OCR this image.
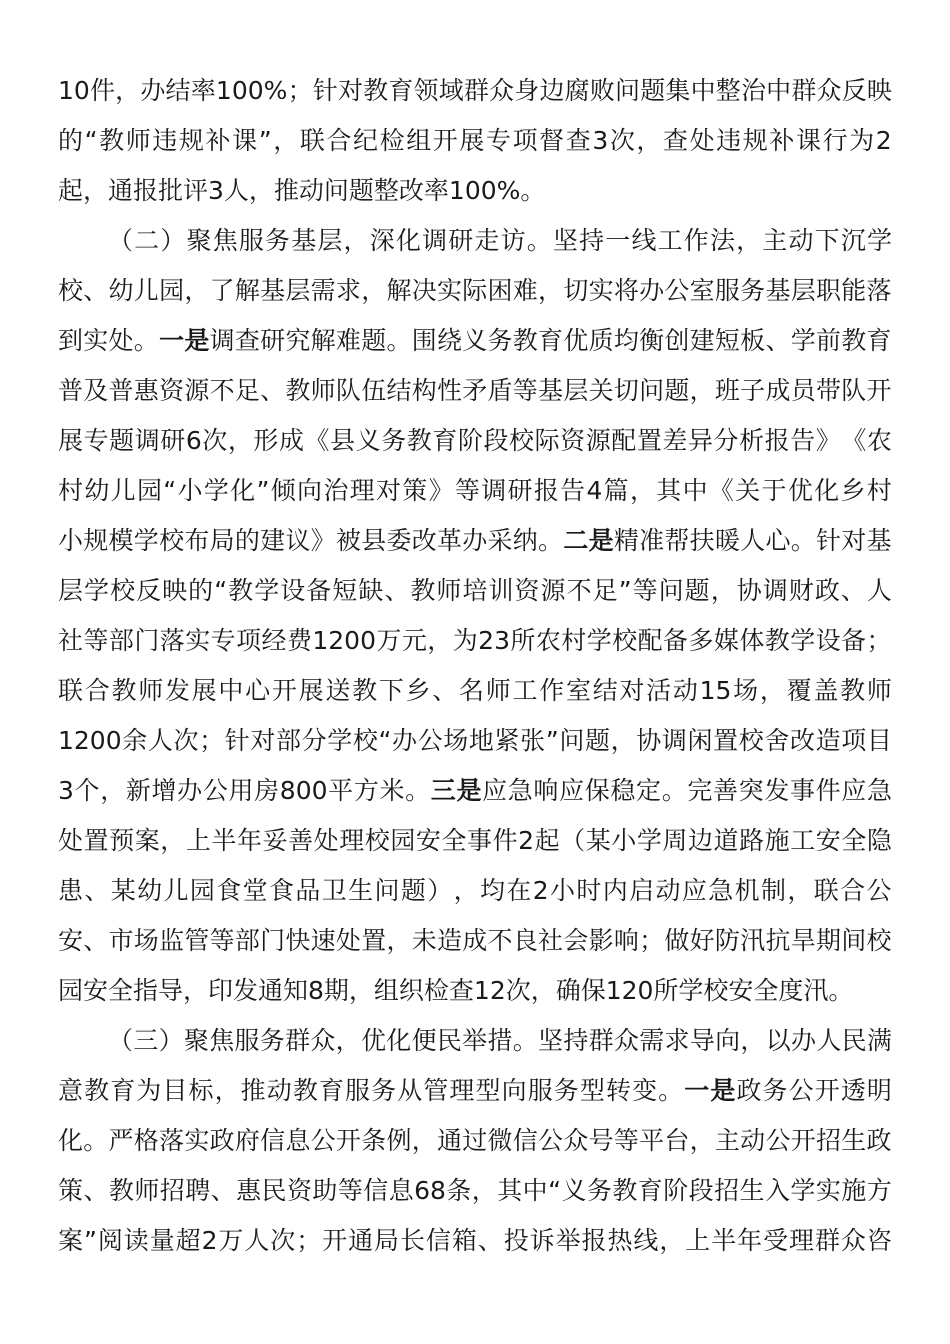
10 件 ， 办 结 率 100% ； 针 对 教 育 领 域 群 众 身 边 腐 败 问 题 集 中 整 治 中 群 众 反 映
的 “ 教 师 违 规 补 课 ” ， 联 合 纪 检 组 开 展 专 项 督 查 3 次 ， 查 处 违 规 补 课 行 为 2
起，通报批评3人，推动问题整改率100%。
（ 二 ） 聚 焦 服 务 基 层 ， 深 化 调 研 走 访 。 坚 持 一 线 工 作 法 ， 主 动 下 沉 学
校 、 幼 儿 园 ， 了 解 基 层 需 求 ， 解 决 实 际 困 难 ， 切 实 将 办 公 室 服 务 基 层 职 能 落
到 实 处 。 一 是 调 查 研 究 解 难 题 。 围 绕 义 务 教 育 优 质 均 衡 创 建 短 板 、 学 前 教 育
普 及 普 惠 资 源 不 足 、 教 师 队 伍 结 构 性 矛 盾 等 基 层 关 切 问 题 ， 班 子 成 员 带 队 开
展 专 题 调 研 6 次 ， 形 成 《 县 义 务 教 育 阶 段 校 际 资 源 配 置 差 异 分 析 报 告 》 《 农
村 幼 儿 园 “ 小 学 化 ” 倾 向 治 理 对 策 》 等 调 研 报 告 4 篇 ， 其 中 《 关 于 优 化 乡 村
小 规 模 学 校 布 局 的 建 议 》 被 县 委 改 革 办 采 纳 。 二 是 精 准 帮 扶 暖 人 心 。 针 对 基
层 学 校 反 映 的 “ 教 学 设 备 短 缺 、 教 师 培 训 资 源 不 足 ” 等 问 题 ， 协 调 财 政 、 人
社 等 部 门 落 实 专 项 经 费 1200 万 元 ， 为 23 所 农 村 学 校 配 备 多 媒 体 教 学 设 备 ；
联 合 教 师 发 展 中 心 开 展 送 教 下 乡 、 名 师 工 作 室 结 对 活 动 15 场 ， 覆 盖 教 师
1200 余 人 次 ； 针 对 部 分 学 校 “ 办 公 场 地 紧 张 ” 问 题 ， 协 调 闲 置 校 舍 改 造 项 目
3 个 ， 新 增 办 公 用 房 800 平 方 米 。 三 是 应 急 响 应 保 稳 定 。 完 善 突 发 事 件 应 急
处 置 预 案 ， 上 半 年 妥 善 处 理 校 园 安 全 事 件 2 起 （ 某 小 学 周 边 道 路 施 工 安 全 隐
患 、 某 幼 儿 园 食 堂 食 品 卫 生 问 题 ） ， 均 在 2 小 时 内 启 动 应 急 机 制 ， 联 合 公
安 、 市 场 监 管 等 部 门 快 速 处 置 ， 未 造 成 不 良 社 会 影 响 ； 做 好 防 汛 抗 旱 期 间 校
园安全指导，印发通知8期，组织检查12次，确保120所学校安全度汛。
（ 三 ） 聚 焦 服 务 群 众 ， 优 化 便 民 举 措 。 坚 持 群 众 需 求 导 向 ， 以 办 人 民 满
意 教 育 为 目 标 ， 推 动 教 育 服 务 从 管 理 型 向 服 务 型 转 变 。 一 是 政 务 公 开 透 明
化 。 严 格 落 实 政 府 信 息 公 开 条 例 ， 通 过 微 信 公 众 号 等 平 台 ， 主 动 公 开 招 生 政
策 、 教 师 招 聘 、 惠 民 资 助 等 信 息 68 条 ， 其 中 “ 义 务 教 育 阶 段 招 生 入 学 实 施 方
案 ” 阅 读 量 超 2 万 人 次 ； 开 通 局 长 信 箱 、 投 诉 举 报 热 线 ， 上 半 年 受 理 群 众 咨
